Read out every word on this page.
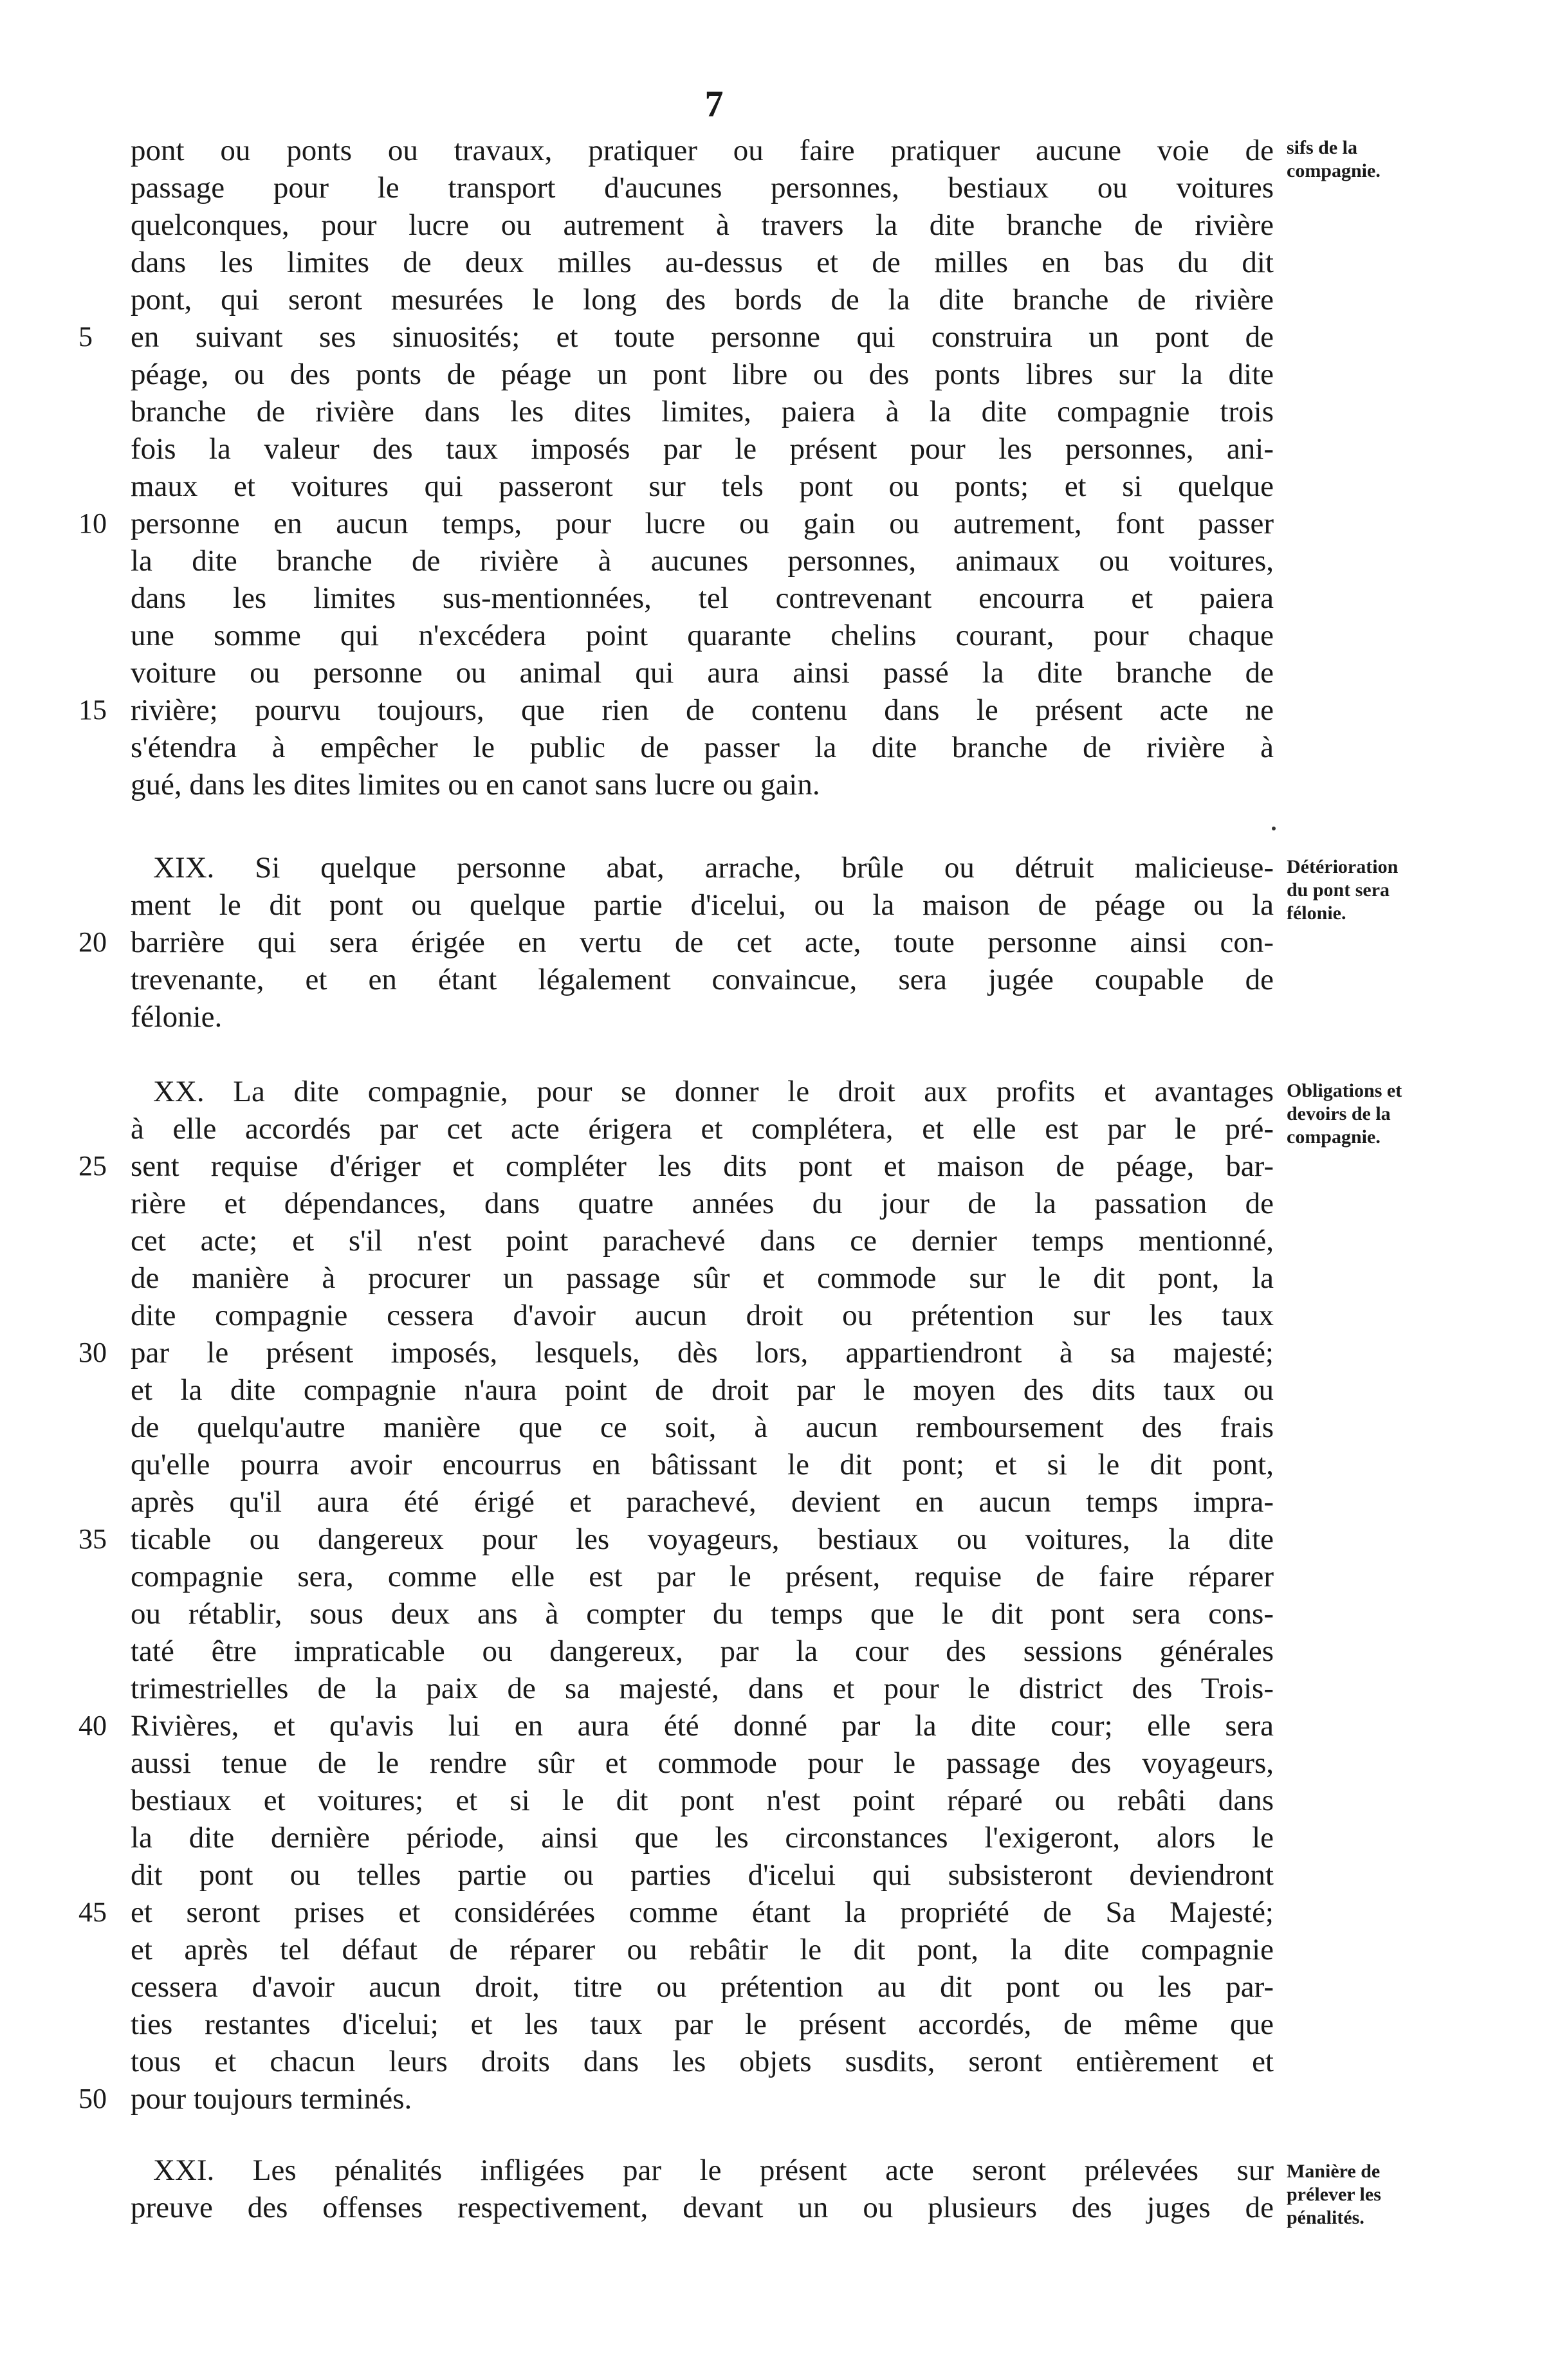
7
pont ou ponts ou travaux, pratiquer ou faire pratiquer aucune voie de
passage pour le transport d'aucunes personnes, bestiaux ou voitures
quelconques, pour lucre ou autrement à travers la dite branche de rivière
dans les limites de deux milles au-dessus et de milles en bas du dit
pont, qui seront mesurées le long des bords de la dite branche de rivière
en suivant ses sinuosités; et toute personne qui construira un pont de
péage, ou des ponts de péage un pont libre ou des ponts libres sur la dite
branche de rivière dans les dites limites, paiera à la dite compagnie trois
fois la valeur des taux imposés par le présent pour les personnes, ani-
maux et voitures qui passeront sur tels pont ou ponts; et si quelque
personne en aucun temps, pour lucre ou gain ou autrement, font passer
la dite branche de rivière à aucunes personnes, animaux ou voitures,
dans les limites sus-mentionnées, tel contrevenant encourra et paiera
une somme qui n'excédera point quarante chelins courant, pour chaque
voiture ou personne ou animal qui aura ainsi passé la dite branche de
rivière; pourvu toujours, que rien de contenu dans le présent acte ne
s'étendra à empêcher le public de passer la dite branche de rivière à
gué, dans les dites limites ou en canot sans lucre ou gain.
XIX. Si quelque personne abat, arrache, brûle ou détruit malicieuse-
ment le dit pont ou quelque partie d'icelui, ou la maison de péage ou la
barrière qui sera érigée en vertu de cet acte, toute personne ainsi con-
trevenante, et en étant légalement convaincue, sera jugée coupable de
félonie.
XX. La dite compagnie, pour se donner le droit aux profits et avantages
à elle accordés par cet acte érigera et complétera, et elle est par le pré-
sent requise d'ériger et compléter les dits pont et maison de péage, bar-
rière et dépendances, dans quatre années du jour de la passation de
cet acte; et s'il n'est point parachevé dans ce dernier temps mentionné,
de manière à procurer un passage sûr et commode sur le dit pont, la
dite compagnie cessera d'avoir aucun droit ou prétention sur les taux
par le présent imposés, lesquels, dès lors, appartiendront à sa majesté;
et la dite compagnie n'aura point de droit par le moyen des dits taux ou
de quelqu'autre manière que ce soit, à aucun remboursement des frais
qu'elle pourra avoir encourrus en bâtissant le dit pont; et si le dit pont,
après qu'il aura été érigé et parachevé, devient en aucun temps impra-
ticable ou dangereux pour les voyageurs, bestiaux ou voitures, la dite
compagnie sera, comme elle est par le présent, requise de faire réparer
ou rétablir, sous deux ans à compter du temps que le dit pont sera cons-
taté être impraticable ou dangereux, par la cour des sessions générales
trimestrielles de la paix de sa majesté, dans et pour le district des Trois-
Rivières, et qu'avis lui en aura été donné par la dite cour; elle sera
aussi tenue de le rendre sûr et commode pour le passage des voyageurs,
bestiaux et voitures; et si le dit pont n'est point réparé ou rebâti dans
la dite dernière période, ainsi que les circonstances l'exigeront, alors le
dit pont ou telles partie ou parties d'icelui qui subsisteront deviendront
et seront prises et considérées comme étant la propriété de Sa Majesté;
et après tel défaut de réparer ou rebâtir le dit pont, la dite compagnie
cessera d'avoir aucun droit, titre ou prétention au dit pont ou les par-
ties restantes d'icelui; et les taux par le présent accordés, de même que
tous et chacun leurs droits dans les objets susdits, seront entièrement et
pour toujours terminés.
XXI. Les pénalités infligées par le présent acte seront prélevées sur
preuve des offenses respectivement, devant un ou plusieurs des juges de
5
10
15
20
25
30
35
40
45
50
sifs de la
compagnie.
Détérioration
du pont sera
félonie.
Obligations et
devoirs de la
compagnie.
Manière de
prélever les
pénalités.
